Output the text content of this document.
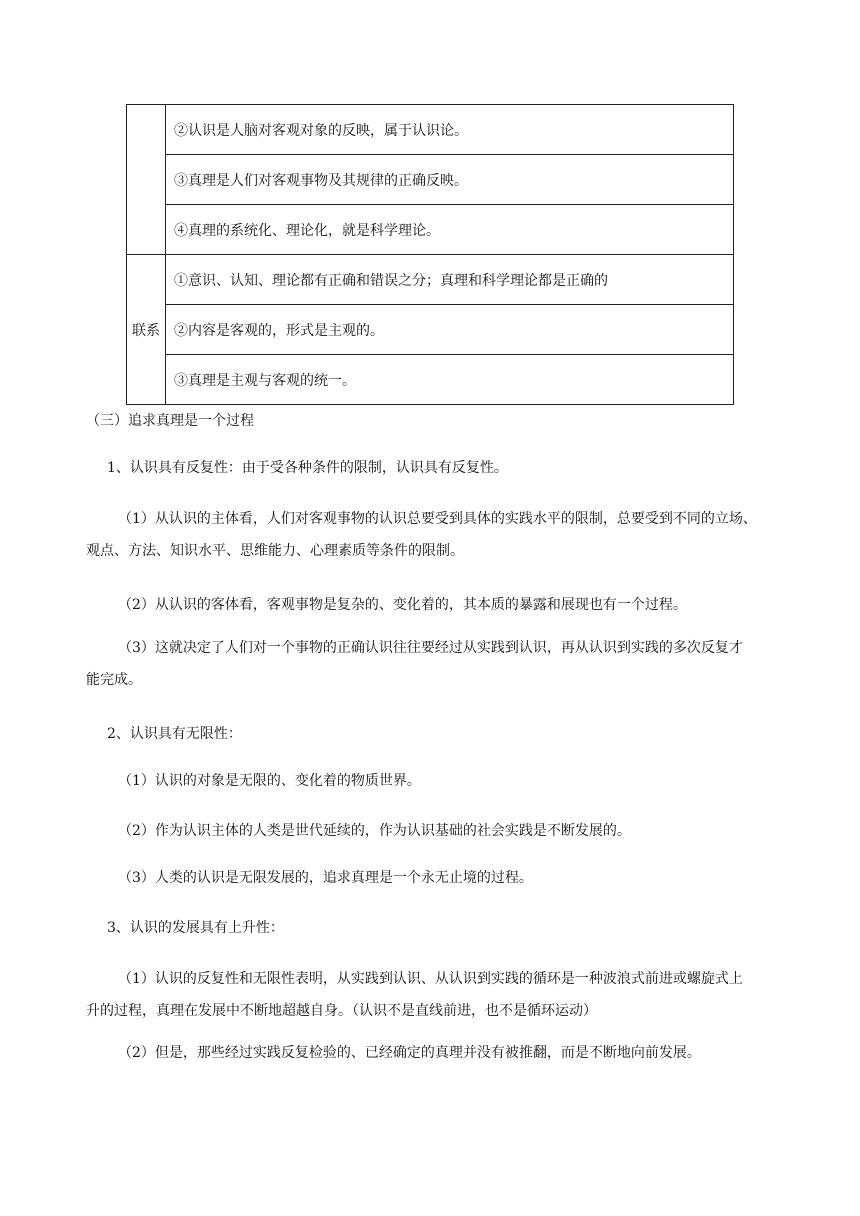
	②认识是人脑对客观对象的反映，属于认识论。
	③真理是人们对客观事物及其规律的正确反映。
	④真理的系统化、理论化，就是科学理论。
联系	①意识、认知、理论都有正确和错误之分；真理和科学理论都是正确的
	②内容是客观的，形式是主观的。
	③真理是主观与客观的统一。
（三）追求真理是一个过程
1、认识具有反复性：由于受各种条件的限制，认识具有反复性。
（1）从认识的主体看，人们对客观事物的认识总要受到具体的实践水平的限制，总要受到不同的立场、
观点、方法、知识水平、思维能力、心理素质等条件的限制。
（2）从认识的客体看，客观事物是复杂的、变化着的，其本质的暴露和展现也有一个过程。
（3）这就决定了人们对一个事物的正确认识往往要经过从实践到认识，再从认识到实践的多次反复才
能完成。
2、认识具有无限性：
（1）认识的对象是无限的、变化着的物质世界。
（2）作为认识主体的人类是世代延续的，作为认识基础的社会实践是不断发展的。
（3）人类的认识是无限发展的，追求真理是一个永无止境的过程。
3、认识的发展具有上升性：
（1）认识的反复性和无限性表明，从实践到认识、从认识到实践的循环是一种波浪式前进或螺旋式上
升的过程，真理在发展中不断地超越自身。（认识不是直线前进，也不是循环运动）
（2）但是，那些经过实践反复检验的、已经确定的真理并没有被推翻，而是不断地向前发展。
